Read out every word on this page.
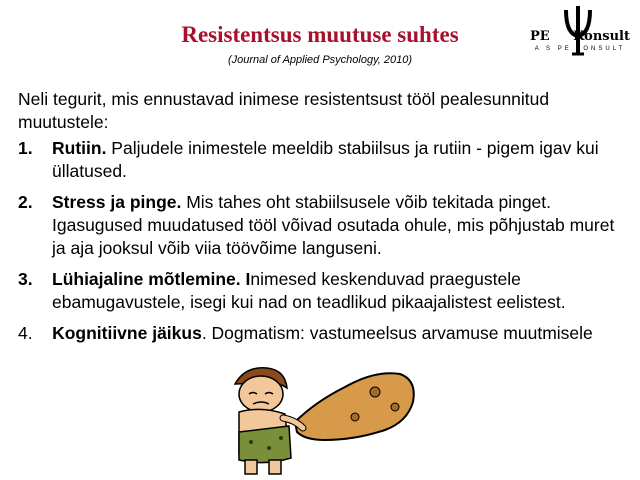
Resistentsus muutuse suhtes
(Journal of Applied Psychology, 2010)
PE Konsult
A S PE KONSULT

Neli tegurit, mis ennustavad inimese resistentsust tööl pealesunnitud muutustele:

1. Rutiin. Paljudele inimestele meeldib stabiilsus ja rutiin - pigem igav kui üllatused.
2. Stress ja pinge. Mis tahes oht stabiilsusele võib tekitada pinget. Igasugused muudatused tööl võivad osutada ohule, mis põhjustab muret ja aja jooksul võib viia töövõime languseni.
3. Lühiajaline mõtlemine. Inimesed keskenduvad praegustele ebamugavustele, isegi kui nad on teadlikud pikaajalistest eelistest.

4. Kognitiivne jäikus. Dogmatism: vastumeelsus arvamuse muutmisele
